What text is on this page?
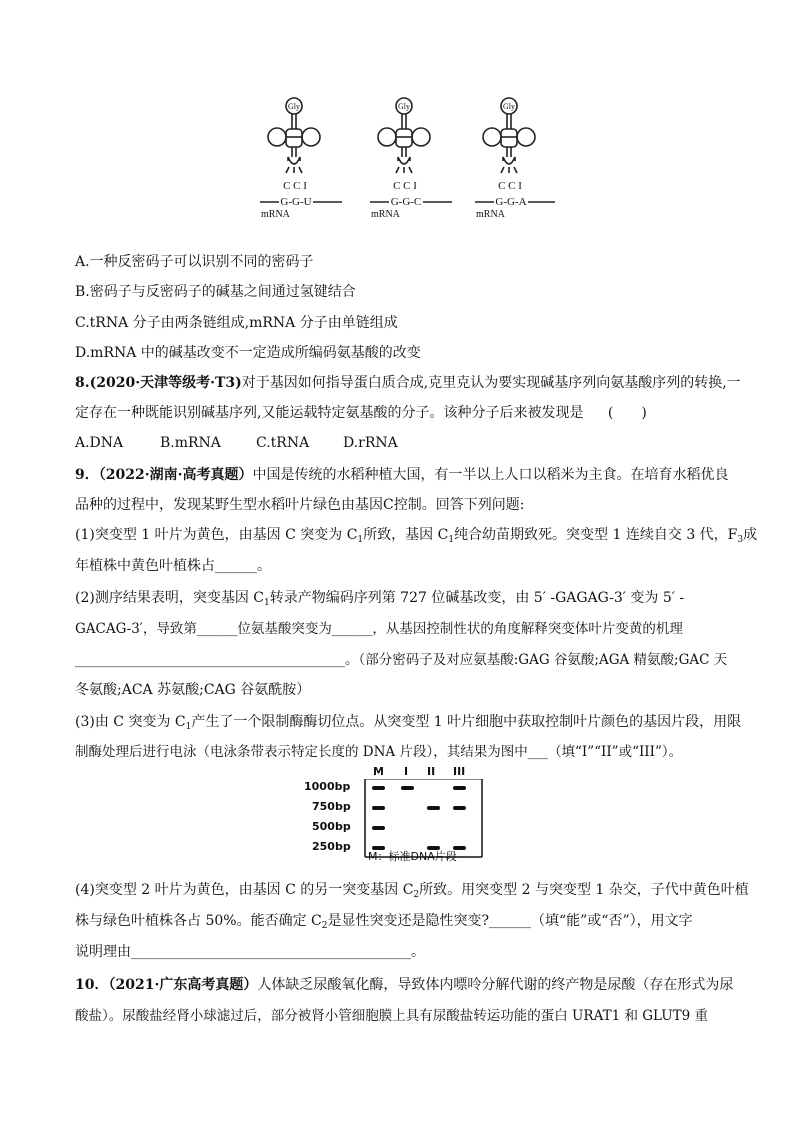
Gly
C C I
G-G-U
mRNA
Gly
C C I
G-G-C
mRNA
Gly
C C I
G-G-A
mRNA
A.一种反密码子可以识别不同的密码子
B.密码子与反密码子的碱基之间通过氢键结合
C.tRNA 分子由两条链组成,mRNA 分子由单链组成
D.mRNA 中的碱基改变不一定造成所编码氨基酸的改变
8.(2020·天津等级考·T3)对于基因如何指导蛋白质合成,克里克认为要实现碱基序列向氨基酸序列的转换,一
定存在一种既能识别碱基序列,又能运载特定氨基酸的分子。该种分子后来被发现是 (　　)
A.DNA	B.mRNA	C.tRNA D.rRNA
9．（2022·湖南·高考真题）中国是传统的水稻种植大国，有一半以上人口以稻米为主食。在培育水稻优良
品种的过程中，发现某野生型水稻叶片绿色由基因C控制。回答下列问题:
(1)突变型 1 叶片为黄色，由基因 C 突变为 $C_1$所致，基因 $C_1$纯合幼苗期致死。突变型 1 连续自交 3 代，$F_3$成
年植株中黄色叶植株占______。
(2)测序结果表明，突变基因 $C_1$转录产物编码序列第 727 位碱基改变，由 5′ -GAGAG-3′ 变为 5′ -
GACAG-3′，导致第______位氨基酸突变为______，从基因控制性状的角度解释突变体叶片变黄的机理
________________________________________。（部分密码子及对应氨基酸:GAG 谷氨酸;AGA 精氨酸;GAC 天
冬氨酸;ACA 苏氨酸;CAG 谷氨酰胺）
(3)由 C 突变为 $C_1$产生了一个限制酶酶切位点。从突变型 1 叶片细胞中获取控制叶片颜色的基因片段，用限
制酶处理后进行电泳（电泳条带表示特定长度的 DNA 片段），其结果为图中___（填“I”“II”或“III”）。
M I II III
1000bp
750bp
500bp
250bp
M：标准DNA片段
(4)突变型 2 叶片为黄色，由基因 C 的另一突变基因 $C_2$所致。用突变型 2 与突变型 1 杂交，子代中黄色叶植
株与绿色叶植株各占 50%。能否确定 $C_2$是显性突变还是隐性突变?______（填“能”或“否”），用文字
说明理由________________________________________。
10．（2021·广东高考真题）人体缺乏尿酸氧化酶，导致体内嘌呤分解代谢的终产物是尿酸（存在形式为尿
酸盐）。尿酸盐经肾小球滤过后，部分被肾小管细胞膜上具有尿酸盐转运功能的蛋白 URAT1 和 GLUT9 重
